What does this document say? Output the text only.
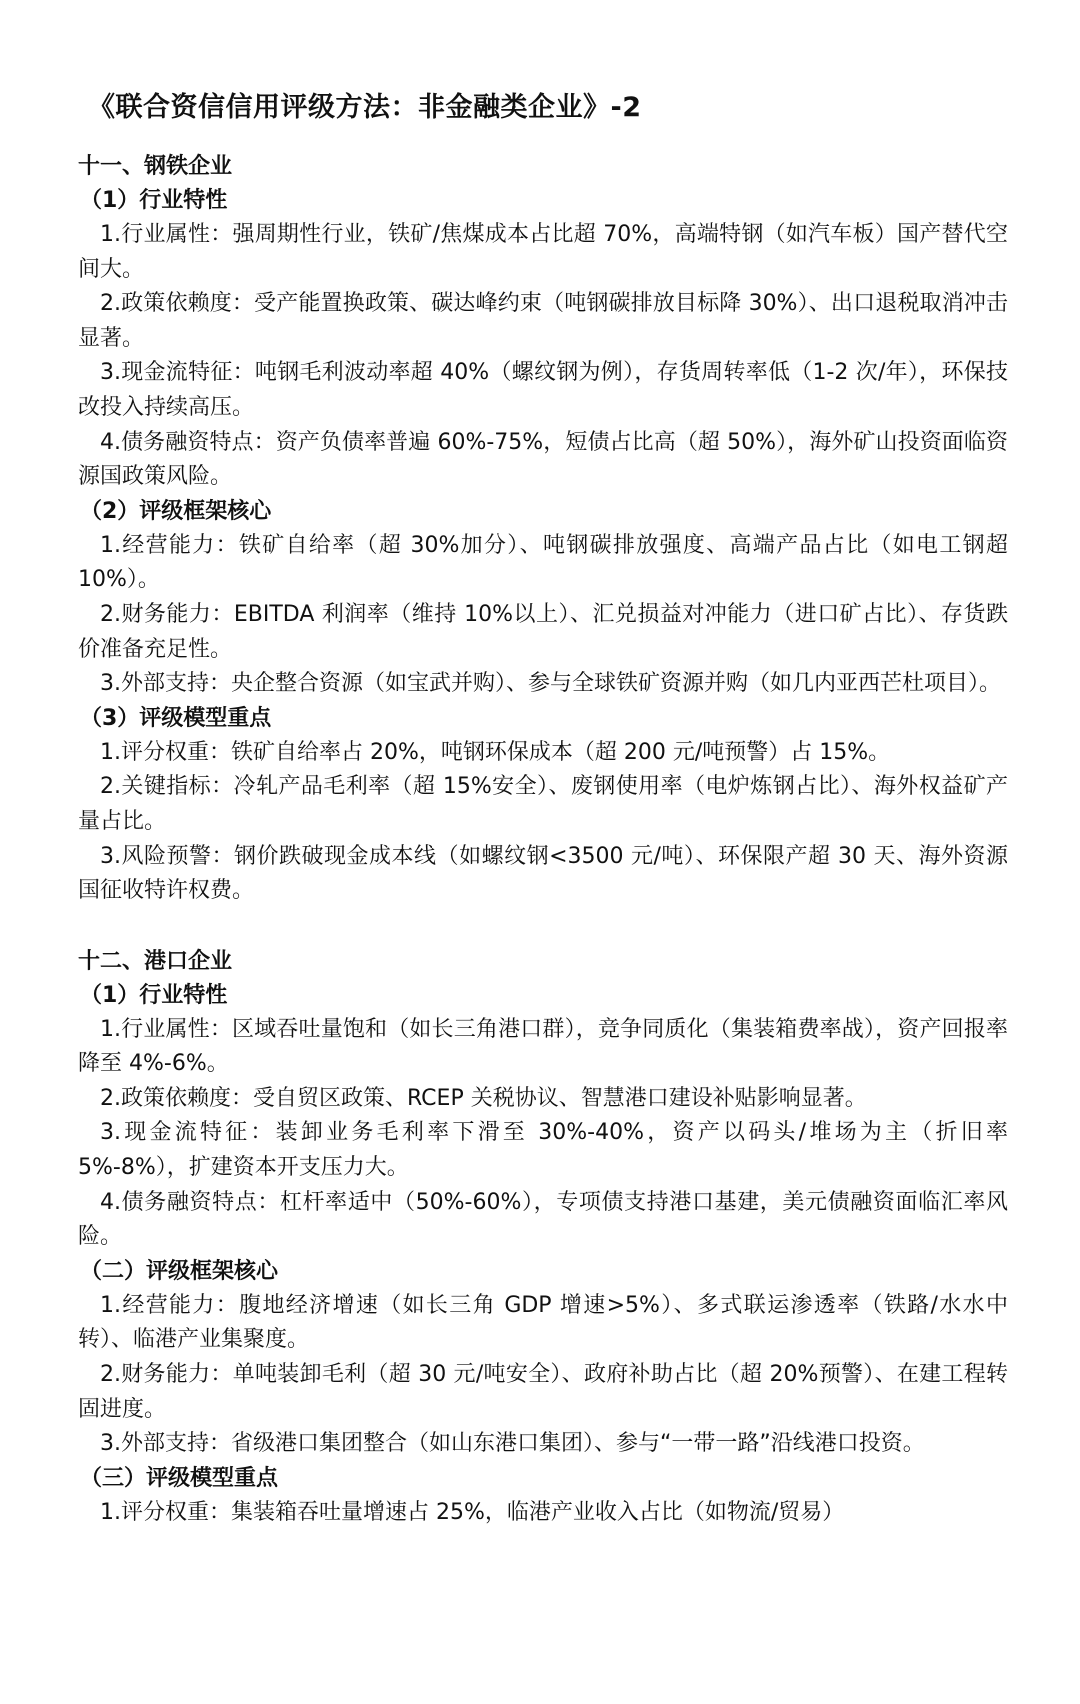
《联合资信信用评级方法：非金融类企业》-2
十一、钢铁企业
（1）行业特性

1.行业属性：强周期性行业，铁矿/焦煤成本占比超 70%，高端特钢（如汽车板）国产替代空间大。

2.政策依赖度：受产能置换政策、碳达峰约束（吨钢碳排放目标降 30%）、出口退税取消冲击显著。

3.现金流特征：吨钢毛利波动率超 40%（螺纹钢为例），存货周转率低（1-2 次/年），环保技改投入持续高压。

4.债务融资特点：资产负债率普遍 60%-75%，短债占比高（超 50%），海外矿山投资面临资源国政策风险。

（2）评级框架核心

1.经营能力：铁矿自给率（超 30%加分）、吨钢碳排放强度、高端产品占比（如电工钢超 10%）。

2.财务能力：EBITDA 利润率（维持 10%以上）、汇兑损益对冲能力（进口矿占比）、存货跌价准备充足性。

3.外部支持：央企整合资源（如宝武并购）、参与全球铁矿资源并购（如几内亚西芒杜项目）。

（3）评级模型重点

1.评分权重：铁矿自给率占 20%，吨钢环保成本（超 200 元/吨预警）占 15%。

2.关键指标：冷轧产品毛利率（超 15%安全）、废钢使用率（电炉炼钢占比）、海外权益矿产量占比。

3.风险预警：钢价跌破现金成本线（如螺纹钢<3500 元/吨）、环保限产超 30 天、海外资源国征收特许权费。

十二、港口企业
（1）行业特性

1.行业属性：区域吞吐量饱和（如长三角港口群），竞争同质化（集装箱费率战），资产回报率降至 4%-6%。

2.政策依赖度：受自贸区政策、RCEP 关税协议、智慧港口建设补贴影响显著。

3.现金流特征：装卸业务毛利率下滑至 30%-40%，资产以码头/堆场为主（折旧率 5%-8%），扩建资本开支压力大。

4.债务融资特点：杠杆率适中（50%-60%），专项债支持港口基建，美元债融资面临汇率风险。

（二）评级框架核心

1.经营能力：腹地经济增速（如长三角 GDP 增速>5%）、多式联运渗透率（铁路/水水中转）、临港产业集聚度。

2.财务能力：单吨装卸毛利（超 30 元/吨安全）、政府补助占比（超 20%预警）、在建工程转固进度。

3.外部支持：省级港口集团整合（如山东港口集团）、参与“一带一路”沿线港口投资。

（三）评级模型重点

1.评分权重：集装箱吞吐量增速占 25%，临港产业收入占比（如物流/贸易）
